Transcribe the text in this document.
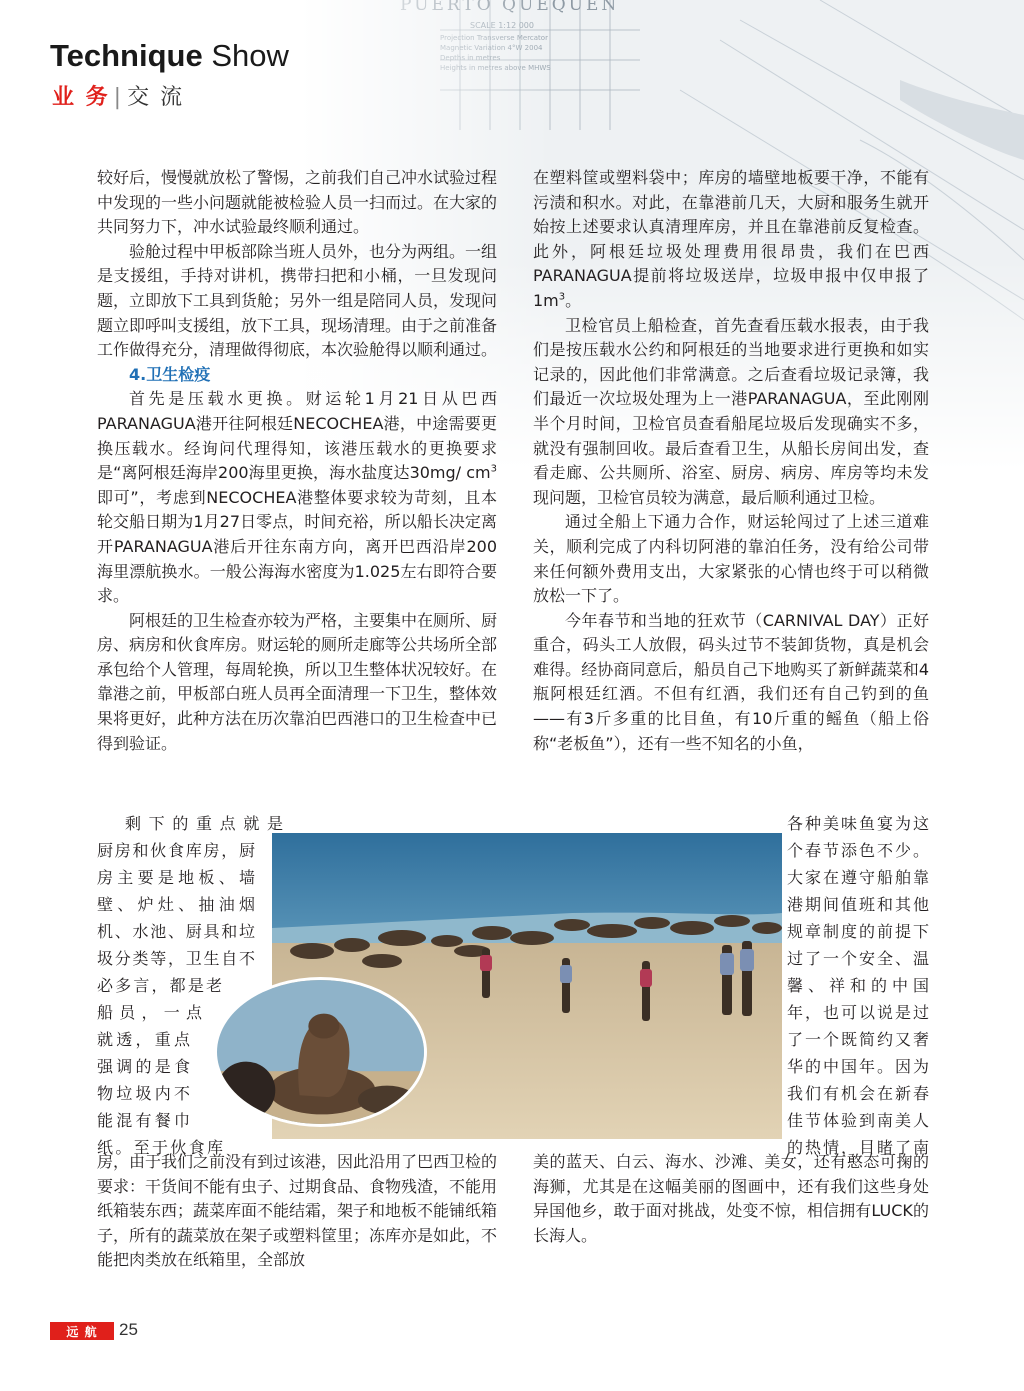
Technique Show
业 务 | 交 流

较好后，慢慢就放松了警惕，之前我们自己冲水试验过程中发现的一些小问题就能被检验人员一扫而过。在大家的共同努力下，冲水试验最终顺利通过。

验舱过程中甲板部除当班人员外，也分为两组。一组是支援组，手持对讲机，携带扫把和小桶，一旦发现问题，立即放下工具到货舱；另外一组是陪同人员，发现问题立即呼叫支援组，放下工具，现场清理。由于之前准备工作做得充分，清理做得彻底，本次验舱得以顺利通过。

4.卫生检疫

首先是压载水更换。财运轮1月21日从巴西PARANAGUA港开往阿根廷NECOCHEA港，中途需要更换压载水。经询问代理得知，该港压载水的更换要求是“离阿根廷海岸200海里更换，海水盐度达30mg/ $cm^3$即可”，考虑到NECOCHEA港整体要求较为苛刻，且本轮交船日期为1月27日零点，时间充裕，所以船长决定离开PARANAGUA港后开往东南方向，离开巴西沿岸200海里漂航换水。一般公海海水密度为1.025左右即符合要求。

阿根廷的卫生检查亦较为严格，主要集中在厕所、厨房、病房和伙食库房。财运轮的厕所走廊等公共场所全部承包给个人管理，每周轮换，所以卫生整体状况较好。在靠港之前，甲板部白班人员再全面清理一下卫生，整体效果将更好，此种方法在历次靠泊巴西港口的卫生检查中已得到验证。

在塑料筐或塑料袋中；库房的墙壁地板要干净，不能有污渍和积水。对此，在靠港前几天，大厨和服务生就开始按上述要求认真清理库房，并且在靠港前反复检查。此外，阿根廷垃圾处理费用很昂贵，我们在巴西PARANAGUA提前将垃圾送岸，垃圾申报中仅申报了$1m^3$。

卫检官员上船检查，首先查看压载水报表，由于我们是按压载水公约和阿根廷的当地要求进行更换和如实记录的，因此他们非常满意。之后查看垃圾记录簿，我们最近一次垃圾处理为上一港PARANAGUA，至此刚刚半个月时间，卫检官员查看船尾垃圾后发现确实不多，就没有强制回收。最后查看卫生，从船长房间出发，查看走廊、公共厕所、浴室、厨房、病房、库房等均未发现问题，卫检官员较为满意，最后顺利通过卫检。

通过全船上下通力合作，财运轮闯过了上述三道难关，顺利完成了内科切阿港的靠泊任务，没有给公司带来任何额外费用支出，大家紧张的心情也终于可以稍微放松一下了。

今年春节和当地的狂欢节（CARNIVAL DAY）正好重合，码头工人放假，码头过节不装卸货物，真是机会难得。经协商同意后，船员自己下地购买了新鲜蔬菜和4瓶阿根廷红酒。不但有红酒，我们还有自己钓到的鱼——有3斤多重的比目鱼，有10斤重的鳐鱼（船上俗称“老板鱼”），还有一些不知名的小鱼，

剩下的重点就是
厨房和伙食库房，厨
房主要是地板、墙
壁、炉灶、抽油烟
机、水池、厨具和垃
圾分类等，卫生自不
必多言，都是老
船员，一点
就透，重点
强调的是食
物垃圾内不
能混有餐巾
纸。至于伙食库
各种美味鱼宴为这
个春节添色不少。
大家在遵守船舶靠
港期间值班和其他
规章制度的前提下
过了一个安全、温
馨、祥和的中国
年，也可以说是过
了一个既简约又奢
华的中国年。因为
我们有机会在新春
佳节体验到南美人
的热情，目睹了南

房，由于我们之前没有到过该港，因此沿用了巴西卫检的要求：干货间不能有虫子、过期食品、食物残渣，不能用纸箱装东西；蔬菜库面不能结霜，架子和地板不能铺纸箱子，所有的蔬菜放在架子或塑料筐里；冻库亦是如此，不能把肉类放在纸箱里，全部放

美的蓝天、白云、海水、沙滩、美女，还有憨态可掬的海狮，尤其是在这幅美丽的图画中，还有我们这些身处异国他乡，敢于面对挑战，处变不惊，相信拥有LUCK的长海人。

远 航	25
